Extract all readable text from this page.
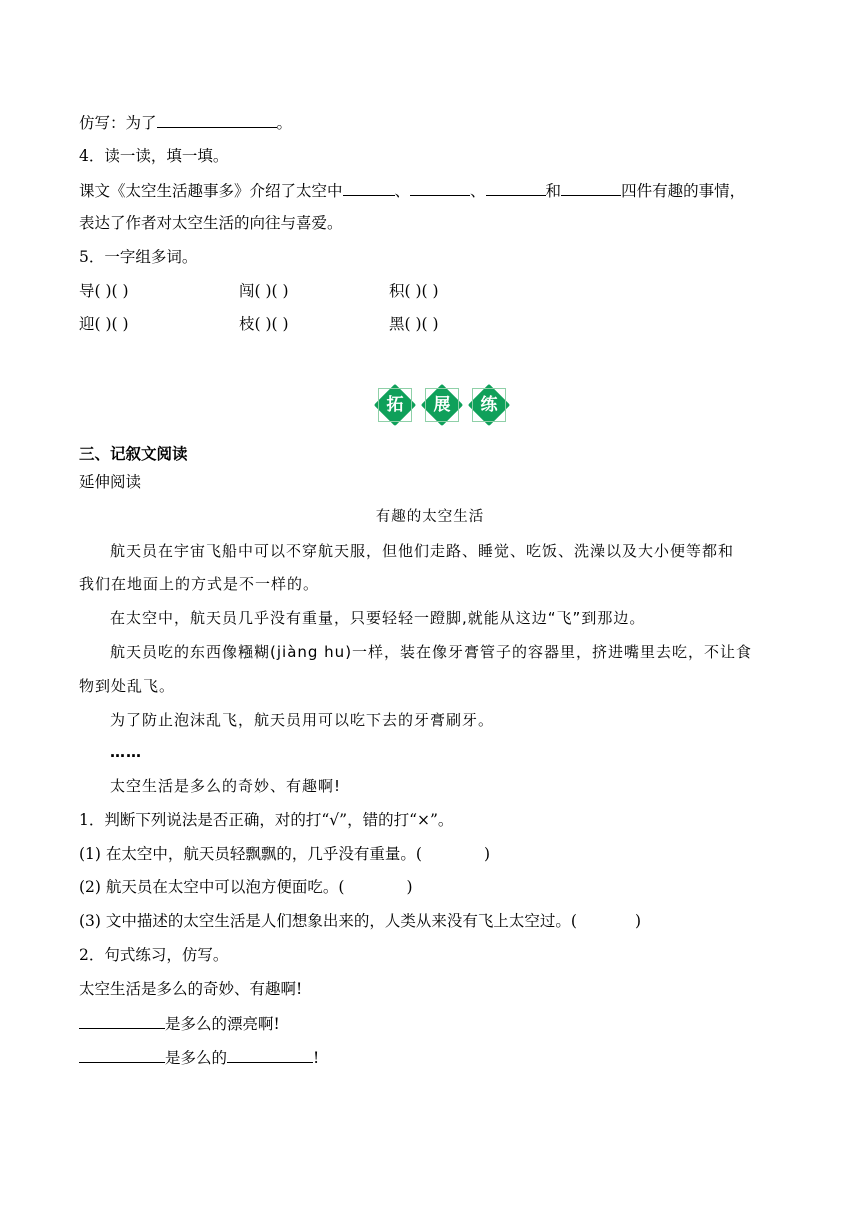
仿写：为了	。
4．读一读，填一填。
课文《太空生活趣事多》介绍了太空中	、	、	和	四件有趣的事情，
表达了作者对太空生活的向往与喜爱。
5．一字组多词。
导( )( )	闯( )( )	积( )( )
迎( )( )	枝( )( )	黑( )( )
拓	展	练
三、记叙文阅读
延伸阅读
有趣的太空生活
航天员在宇宙飞船中可以不穿航天服，但他们走路、睡觉、吃饭、洗澡以及大小便等都和
我们在地面上的方式是不一样的。
在太空中，航天员几乎没有重量，只要轻轻一蹬脚,就能从这边“飞”到那边。
航天员吃的东西像糨糊(jiàng hu)一样，装在像牙膏管子的容器里，挤进嘴里去吃，不让食
物到处乱飞。
为了防止泡沫乱飞，航天员用可以吃下去的牙膏刷牙。
……
太空生活是多么的奇妙、有趣啊!
1．判断下列说法是否正确，对的打“√”，错的打“×”。
(1) 在太空中，航天员轻飘飘的，几乎没有重量。(	)
(2) 航天员在太空中可以泡方便面吃。(	)
(3) 文中描述的太空生活是人们想象出来的，人类从来没有飞上太空过。(	)
2．句式练习，仿写。
太空生活是多么的奇妙、有趣啊!
是多么的漂亮啊!
是多么的	!
